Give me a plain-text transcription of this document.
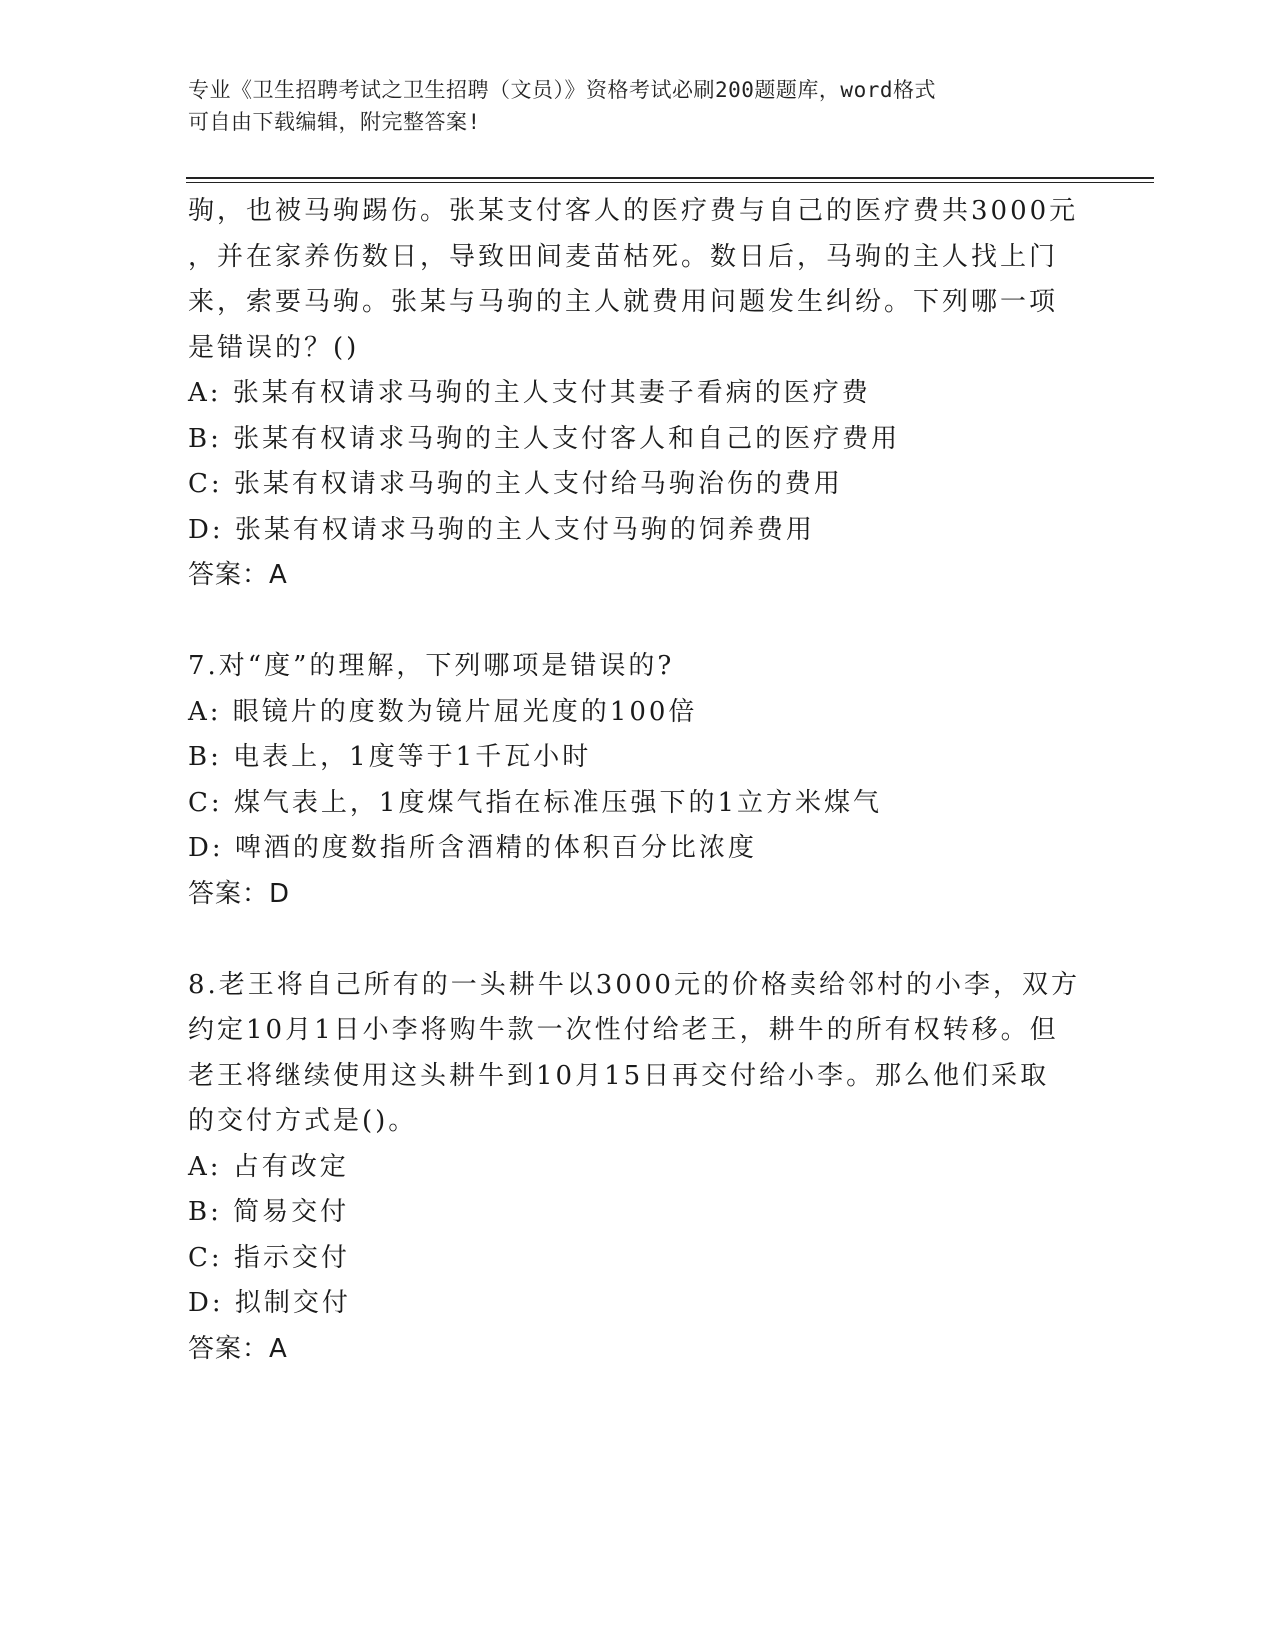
专业《卫生招聘考试之卫生招聘（文员）》资格考试必刷200题题库，word格式
可自由下载编辑，附完整答案!
驹，也被马驹踢伤。张某支付客人的医疗费与自己的医疗费共3000元
，并在家养伤数日，导致田间麦苗枯死。数日后，马驹的主人找上门
来，索要马驹。张某与马驹的主人就费用问题发生纠纷。下列哪一项
是错误的？()
A: 张某有权请求马驹的主人支付其妻子看病的医疗费
B: 张某有权请求马驹的主人支付客人和自己的医疗费用
C: 张某有权请求马驹的主人支付给马驹治伤的费用
D: 张某有权请求马驹的主人支付马驹的饲养费用
答案：A
7.对“度”的理解，下列哪项是错误的?
A: 眼镜片的度数为镜片屈光度的100倍
B: 电表上，1度等于1千瓦小时
C: 煤气表上，1度煤气指在标准压强下的1立方米煤气
D: 啤酒的度数指所含酒精的体积百分比浓度
答案：D
8.老王将自己所有的一头耕牛以3000元的价格卖给邻村的小李，双方
约定10月1日小李将购牛款一次性付给老王，耕牛的所有权转移。但
老王将继续使用这头耕牛到10月15日再交付给小李。那么他们采取
的交付方式是()。
A: 占有改定
B: 简易交付
C: 指示交付
D: 拟制交付
答案：A
